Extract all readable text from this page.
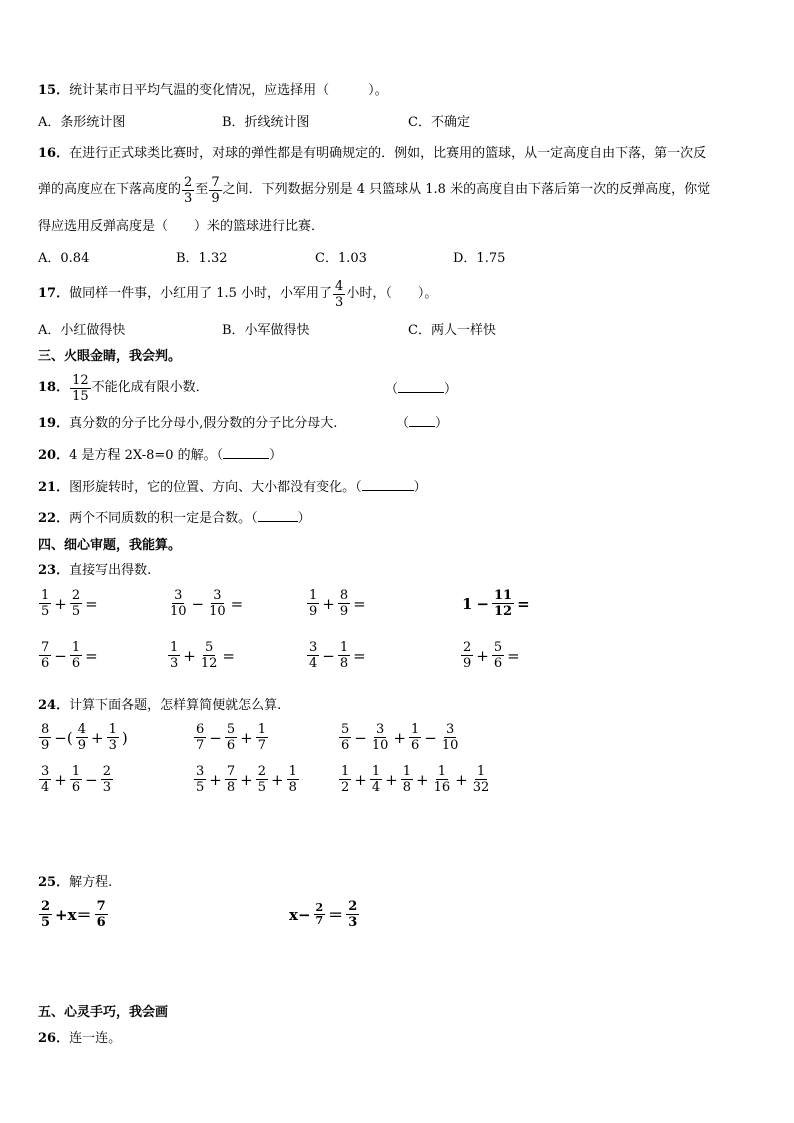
15．统计某市日平均气温的变化情况，应选择用（　　　）。
A．条形统计图	B．折线统计图	C．不确定
16．在进行正式球类比赛时，对球的弹性都是有明确规定的．例如，比赛用的篮球，从一定高度自由下落，第一次反
弹的高度应在下落高度的 $\frac{2}{3}$ 至 $\frac{7}{9}$ 之间．下列数据分别是 4 只篮球从 1.8 米的高度自由下落后第一次的反弹高度，你觉
得应选用反弹高度是（　　）米的篮球进行比赛．
A．0.84	B．1.32	C．1.03	D．1.75
17． 做同样一件事，小红用了 1.5 小时，小军用了 $\frac{4}{3}$ 小时，（　　）。
A．小红做得快	B．小军做得快	C．两人一样快
三、火眼金睛，我会判。
18． $\frac{12}{15}$ 不能化成有限小数．	（	）
19．真分数的分子比分母小,假分数的分子比分母大.	（ ）
20．4 是方程 2X-8=0 的解。（	）
21．图形旋转时，它的位置、方向、大小都没有变化。（	）
22．两个不同质数的积一定是合数。（	）
四、细心审题，我能算。
23．直接写出得数.
$\frac{1}{5} + \frac{2}{5}$ =	$\frac{3}{10} - \frac{3}{10}$ =	$\frac{1}{9} + \frac{8}{9}$ =	$1 - \frac{11}{12}$ =
$\frac{7}{6} - \frac{1}{6}$ =	$\frac{1}{3} + \frac{5}{12}$ =	$\frac{3}{4} - \frac{1}{8}$ =	$\frac{2}{9} + \frac{5}{6}$ =
24．计算下面各题，怎样算简便就怎么算.
$\frac{8}{9}$ −( $\frac{4}{9} + \frac{1}{3}$ )	$\frac{6}{7} - \frac{5}{6} + \frac{1}{7}$	$\frac{5}{6} - \frac{3}{10} + \frac{1}{6} - \frac{3}{10}$
$\frac{3}{4} + \frac{1}{6} - \frac{2}{3}$	$\frac{3}{5} + \frac{7}{8} + \frac{2}{5} + \frac{1}{8}$	$\frac{1}{2} + \frac{1}{4} + \frac{1}{8} + \frac{1}{16} + \frac{1}{32}$
25．解方程.
$\frac{2}{5} +x= \frac{7}{6}$	$x- \frac{2}{7} = \frac{2}{3}$
五、心灵手巧，我会画
26．连一连。
